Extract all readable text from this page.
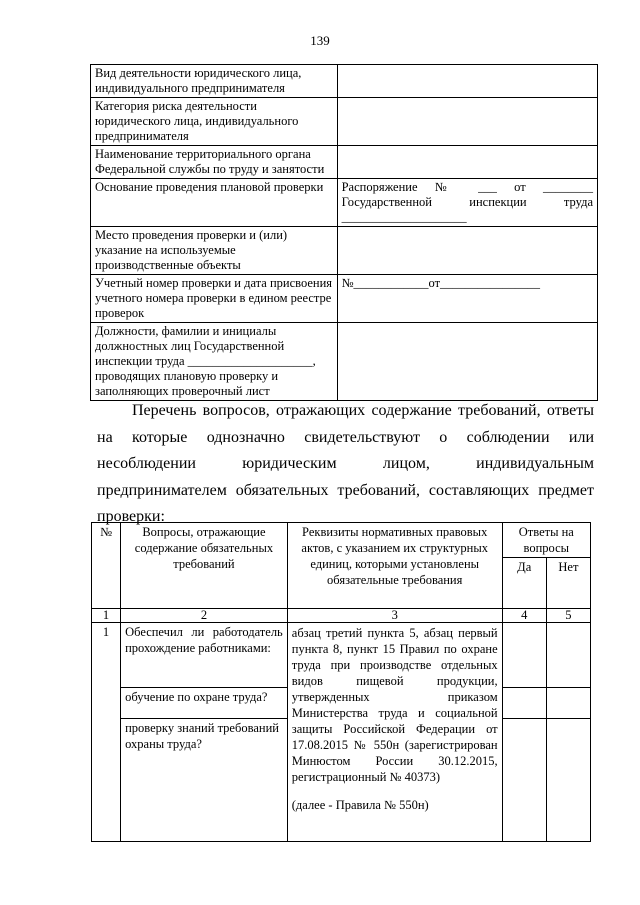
139
Вид деятельности юридического лица, индивидуального предпринимателя	
Категория риска деятельности юридического лица, индивидуального предпринимателя	
Наименование территориального органа Федеральной службы по труду и занятости	
Основание проведения плановой проверки	Распоряжение № ___ от ________ Государственной инспекции труда ____________________
Место проведения проверки и (или) указание на используемые производственные объекты	
Учетный номер проверки и дата присвоения учетного номера проверки в едином реестре проверок	№____________от________________
Должности, фамилии и инициалы должностных лиц Государственной инспекции труда ____________________, проводящих плановую проверку и заполняющих проверочный лист	
Перечень вопросов, отражающих содержание требований, ответы на которые однозначно свидетельствуют о соблюдении или несоблюдении юридическим лицом, индивидуальным предпринимателем обязательных требований, составляющих предмет проверки:
№	Вопросы, отражающие содержание обязательных требований	Реквизиты нормативных правовых актов, с указанием их структурных единиц, которыми установлены обязательные требования	Ответы на вопросы	
			Да	Нет
1	2	3	4	5
1	Обеспечил ли работодатель прохождение работниками:	абзац третий пункта 5, абзац первый пункта 8, пункт 15 Правил по охране труда при производстве отдельных видов пищевой продукции, утвержденных приказом Министерства труда и социальной защиты Российской Федерации от 17.08.2015 № 550н (зарегистрирован Минюстом России 30.12.2015, регистрационный № 40373)
(далее - Правила № 550н)		

	обучение по охране труда?			
	проверку знаний требований охраны труда?			
